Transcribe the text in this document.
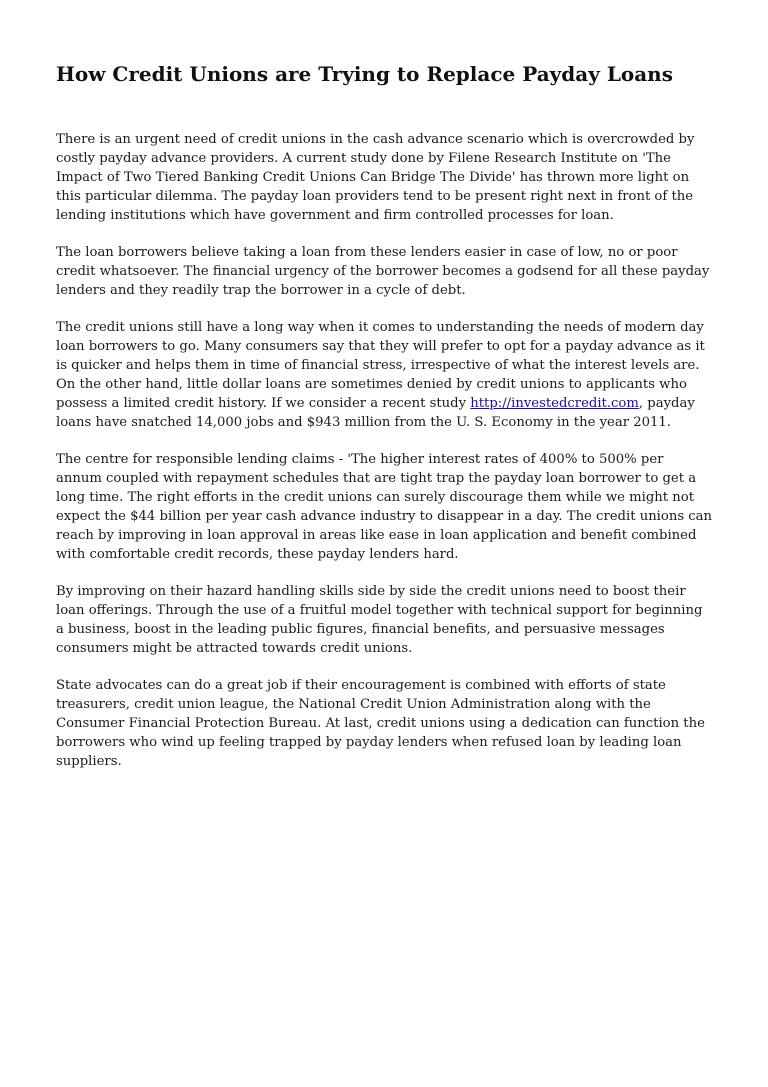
How Credit Unions are Trying to Replace Payday Loans

There is an urgent need of credit unions in the cash advance scenario which is overcrowded by costly payday advance providers. A current study done by Filene Research Institute on 'The Impact of Two Tiered Banking Credit Unions Can Bridge The Divide' has thrown more light on this particular dilemma. The payday loan providers tend to be present right next in front of the lending institutions which have government and firm controlled processes for loan.

The loan borrowers believe taking a loan from these lenders easier in case of low, no or poor credit whatsoever. The financial urgency of the borrower becomes a godsend for all these payday lenders and they readily trap the borrower in a cycle of debt.

The credit unions still have a long way when it comes to understanding the needs of modern day loan borrowers to go. Many consumers say that they will prefer to opt for a payday advance as it is quicker and helps them in time of financial stress, irrespective of what the interest levels are. On the other hand, little dollar loans are sometimes denied by credit unions to applicants who possess a limited credit history. If we consider a recent study http://investedcredit.com, payday loans have snatched 14,000 jobs and $943 million from the U. S. Economy in the year 2011.

The centre for responsible lending claims - 'The higher interest rates of 400% to 500% per annum coupled with repayment schedules that are tight trap the payday loan borrower to get a long time. The right efforts in the credit unions can surely discourage them while we might not expect the $44 billion per year cash advance industry to disappear in a day. The credit unions can reach by improving in loan approval in areas like ease in loan application and benefit combined with comfortable credit records, these payday lenders hard.

By improving on their hazard handling skills side by side the credit unions need to boost their loan offerings. Through the use of a fruitful model together with technical support for beginning a business, boost in the leading public figures, financial benefits, and persuasive messages consumers might be attracted towards credit unions.

State advocates can do a great job if their encouragement is combined with efforts of state treasurers, credit union league, the National Credit Union Administration along with the Consumer Financial Protection Bureau. At last, credit unions using a dedication can function the borrowers who wind up feeling trapped by payday lenders when refused loan by leading loan suppliers.
